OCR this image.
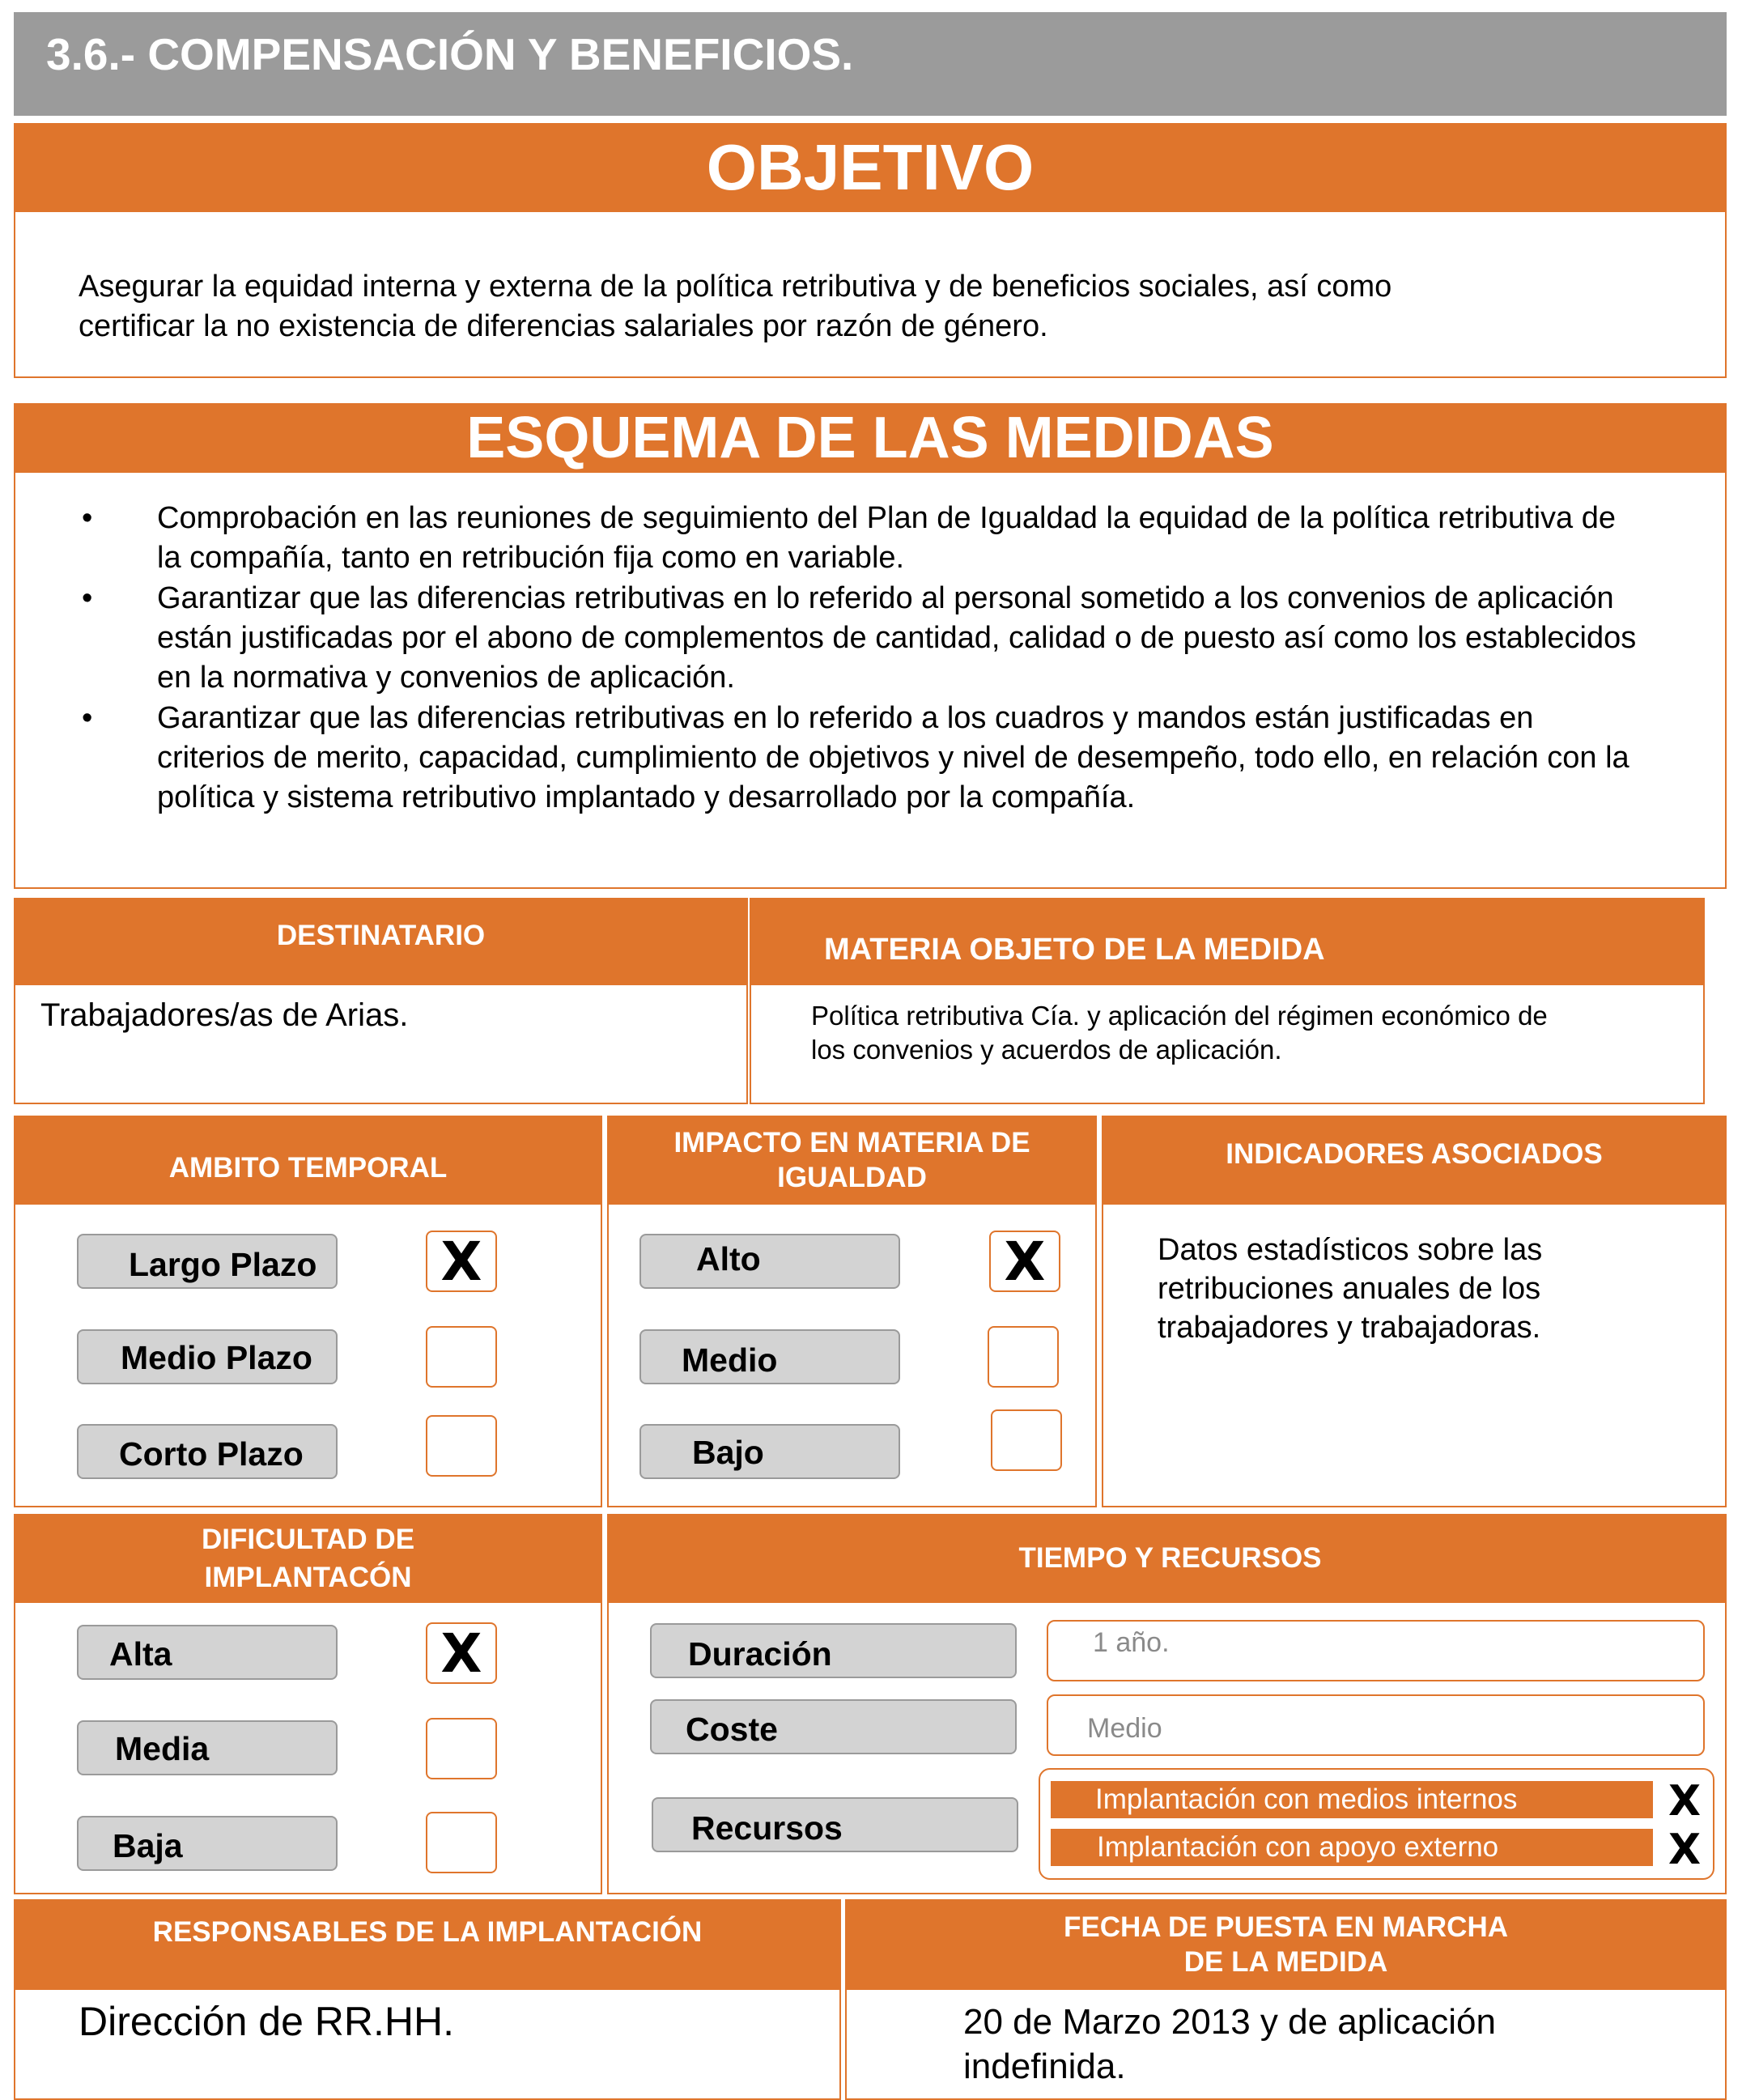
3.6.- COMPENSACIÓN Y BENEFICIOS.
OBJETIVO
Asegurar la equidad interna y externa de la política retributiva y de beneficios sociales, así como
certificar la no existencia de diferencias salariales por razón de género.
ESQUEMA DE LAS MEDIDAS
• Comprobación en las reuniones de seguimiento del Plan de Igualdad la equidad de la política retributiva de la compañía, tanto en retribución fija como en variable.
• Garantizar que las diferencias retributivas en lo referido al personal sometido a los convenios de aplicación están justificadas por el abono de complementos de cantidad, calidad o de puesto así como los establecidos en la normativa y convenios de aplicación.
• Garantizar que las diferencias retributivas en lo referido a los cuadros y mandos están justificadas en criterios de merito, capacidad, cumplimiento de objetivos y nivel de desempeño, todo ello, en relación con la política y sistema retributivo implantado y desarrollado por la compañía.
DESTINATARIO
Trabajadores/as de Arias.
MATERIA OBJETO DE LA MEDIDA
Política retributiva Cía. y aplicación del régimen económico de
los convenios y acuerdos de aplicación.
AMBITO TEMPORAL
Largo Plazo X
Medio Plazo
Corto Plazo
IMPACTO EN MATERIA DE
IGUALDAD
Alto	X
Medio
Bajo
INDICADORES ASOCIADOS
Datos estadísticos sobre las
retribuciones anuales de los
trabajadores y trabajadoras.
DIFICULTAD DE
IMPLANTACÓN
Alta	X
Media
Baja
TIEMPO Y RECURSOS
Duración	1 año.
Coste	Medio
Recursos
Implantación con medios internos	X
Implantación con apoyo externo	X
RESPONSABLES DE LA IMPLANTACIÓN
Dirección de RR.HH.
FECHA DE PUESTA EN MARCHA
DE LA MEDIDA
20 de Marzo 2013 y de aplicación
indefinida.
